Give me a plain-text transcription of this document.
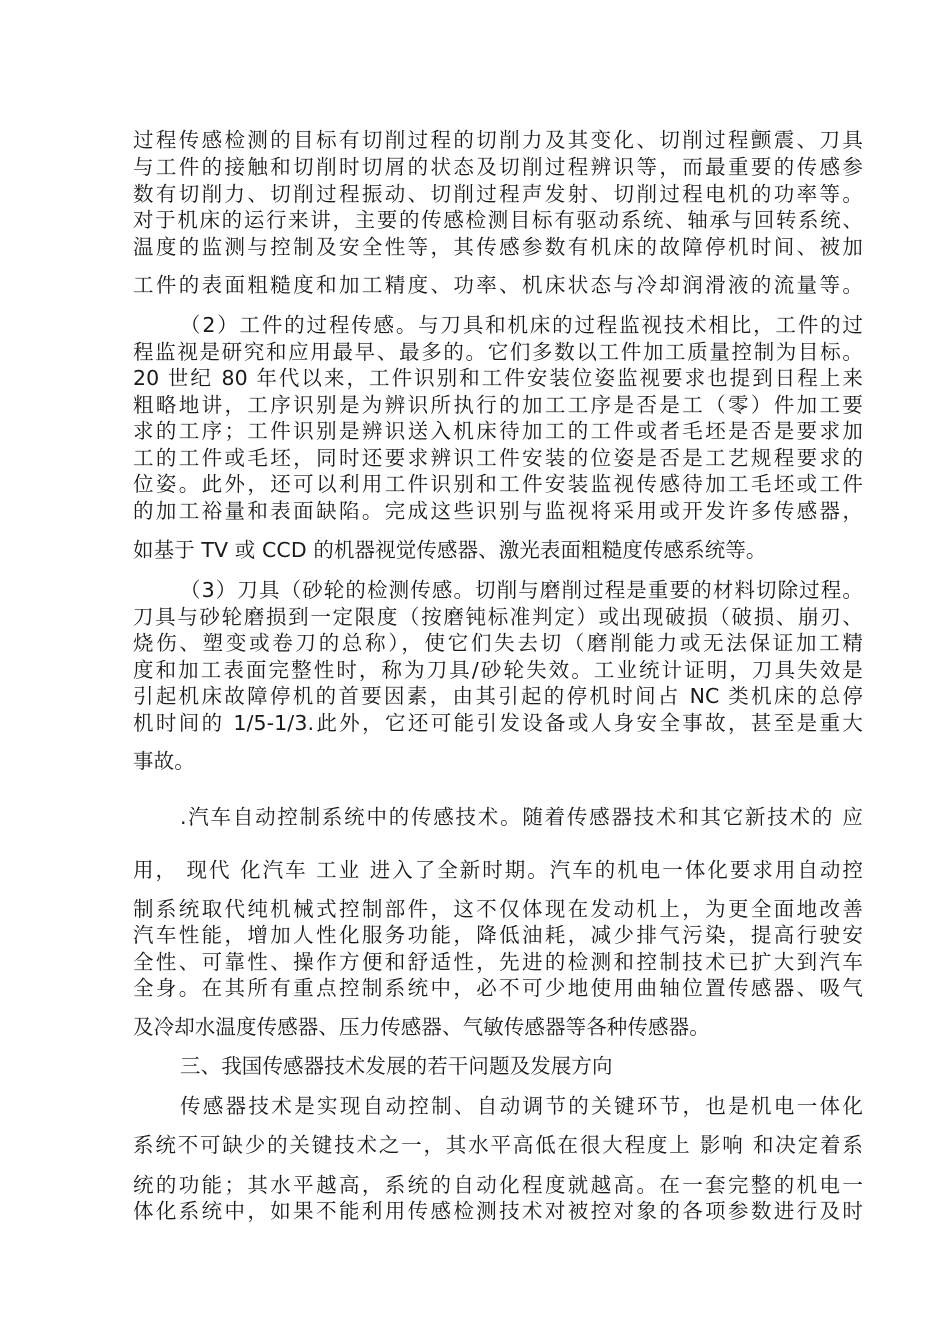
过程传感检测的目标有切削过程的切削力及其变化、切削过程颤震、刀具
与工件的接触和切削时切屑的状态及切削过程辨识等，而最重要的传感参
数有切削力、切削过程振动、切削过程声发射、切削过程电机的功率等。
对于机床的运行来讲，主要的传感检测目标有驱动系统、轴承与回转系统、
温度的监测与控制及安全性等，其传感参数有机床的故障停机时间、被加
工件的表面粗糙度和加工精度、功率、机床状态与冷却润滑液的流量等。
（2）工件的过程传感。与刀具和机床的过程监视技术相比，工件的过
程监视是研究和应用最早、最多的。它们多数以工件加工质量控制为目标。
20 世纪 80 年代以来，工件识别和工件安装位姿监视要求也提到日程上来
粗略地讲，工序识别是为辨识所执行的加工工序是否是工（零）件加工要
求的工序；工件识别是辨识送入机床待加工的工件或者毛坯是否是要求加
工的工件或毛坯，同时还要求辨识工件安装的位姿是否是工艺规程要求的
位姿。此外，还可以利用工件识别和工件安装监视传感待加工毛坯或工件
的加工裕量和表面缺陷。完成这些识别与监视将采用或开发许多传感器，
如基于 TV 或 CCD 的机器视觉传感器、激光表面粗糙度传感系统等。
（3）刀具（砂轮的检测传感。切削与磨削过程是重要的材料切除过程。
刀具与砂轮磨损到一定限度（按磨钝标准判定）或出现破损（破损、崩刃、
烧伤、塑变或卷刀的总称），使它们失去切（磨削能力或无法保证加工精
度和加工表面完整性时，称为刀具/砂轮失效。工业统计证明，刀具失效是
引起机床故障停机的首要因素，由其引起的停机时间占 NC 类机床的总停
机时间的 1/5-1/3.此外，它还可能引发设备或人身安全事故，甚至是重大
事故。
.汽车自动控制系统中的传感技术。随着传感器技术和其它新技术的 应
用， 现代 化汽车 工业 进入了全新时期。汽车的机电一体化要求用自动控
制系统取代纯机械式控制部件，这不仅体现在发动机上，为更全面地改善
汽车性能，增加人性化服务功能，降低油耗，减少排气污染，提高行驶安
全性、可靠性、操作方便和舒适性，先进的检测和控制技术已扩大到汽车
全身。在其所有重点控制系统中，必不可少地使用曲轴位置传感器、吸气
及冷却水温度传感器、压力传感器、气敏传感器等各种传感器。
三、我国传感器技术发展的若干问题及发展方向
传感器技术是实现自动控制、自动调节的关键环节，也是机电一体化
系统不可缺少的关键技术之一，其水平高低在很大程度上 影响 和决定着系
统的功能；其水平越高，系统的自动化程度就越高。在一套完整的机电一
体化系统中，如果不能利用传感检测技术对被控对象的各项参数进行及时
